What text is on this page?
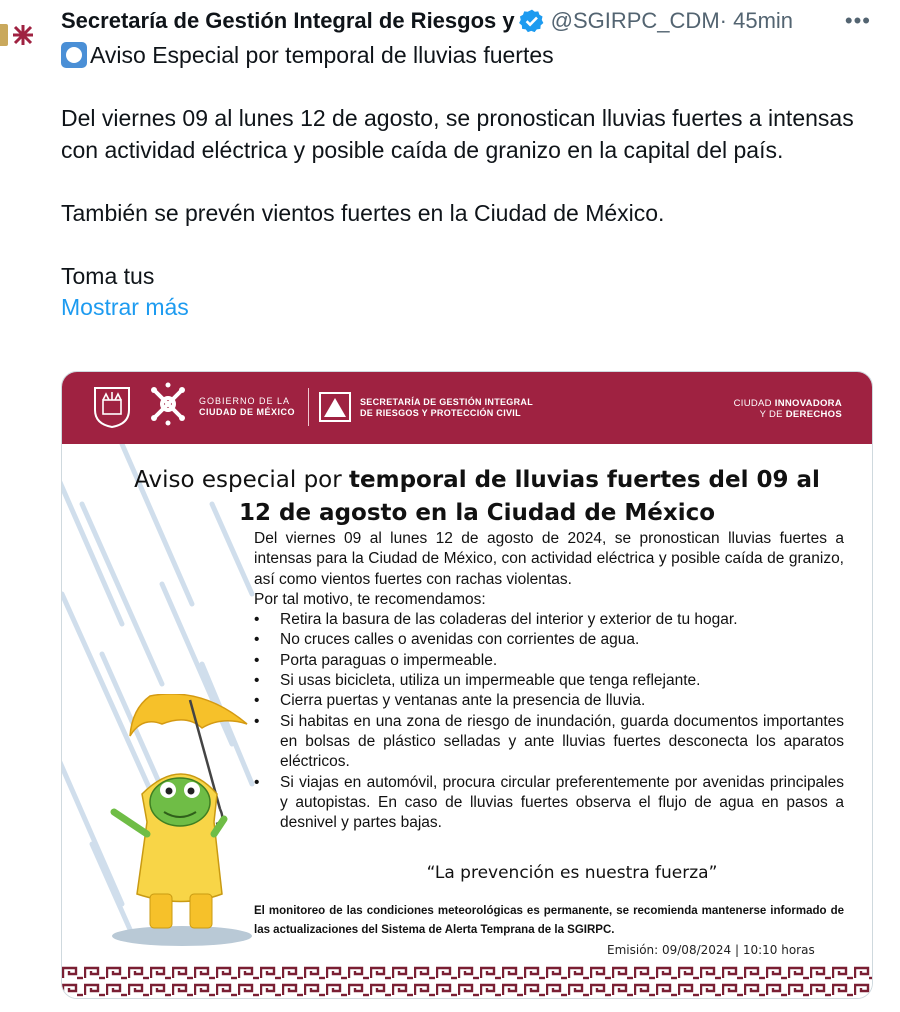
Secretaría de Gestión Integral de Riesgos y @SGIRPC_CDM · 45min •••

Aviso Especial por temporal de lluvias fuertes

Del viernes 09 al lunes 12 de agosto, se pronostican lluvias fuertes a intensas con actividad eléctrica y posible caída de granizo en la capital del país.

También se prevén vientos fuertes en la Ciudad de México.

Toma tus

Mostrar más

GOBIERNO DE LA
CIUDAD DE MÉXICO
SECRETARÍA DE GESTIÓN INTEGRAL
DE RIESGOS Y PROTECCIÓN CIVIL
CIUDAD INNOVADORA
Y DE DERECHOS
Aviso especial por temporal de lluvias fuertes del 09 al 12 de agosto en la Ciudad de México

Del viernes 09 al lunes 12 de agosto de 2024, se pronostican lluvias fuertes a intensas para la Ciudad de México, con actividad eléctrica y posible caída de granizo, así como vientos fuertes con rachas violentas.

Por tal motivo, te recomendamos:

• Retira la basura de las coladeras del interior y exterior de tu hogar.
• No cruces calles o avenidas con corrientes de agua.
• Porta paraguas o impermeable.
• Si usas bicicleta, utiliza un impermeable que tenga reflejante.
• Cierra puertas y ventanas ante la presencia de lluvia.
• Si habitas en una zona de riesgo de inundación, guarda documentos importantes en bolsas de plástico selladas y ante lluvias fuertes desconecta los aparatos eléctricos.
• Si viajas en automóvil, procura circular preferentemente por avenidas principales y autopistas. En caso de lluvias fuertes observa el flujo de agua en pasos a desnivel y partes bajas.
“La prevención es nuestra fuerza”
El monitoreo de las condiciones meteorológicas es permanente, se recomienda mantenerse informado de las actualizaciones del Sistema de Alerta Temprana de la SGIRPC.
Emisión: 09/08/2024 | 10:10 horas
